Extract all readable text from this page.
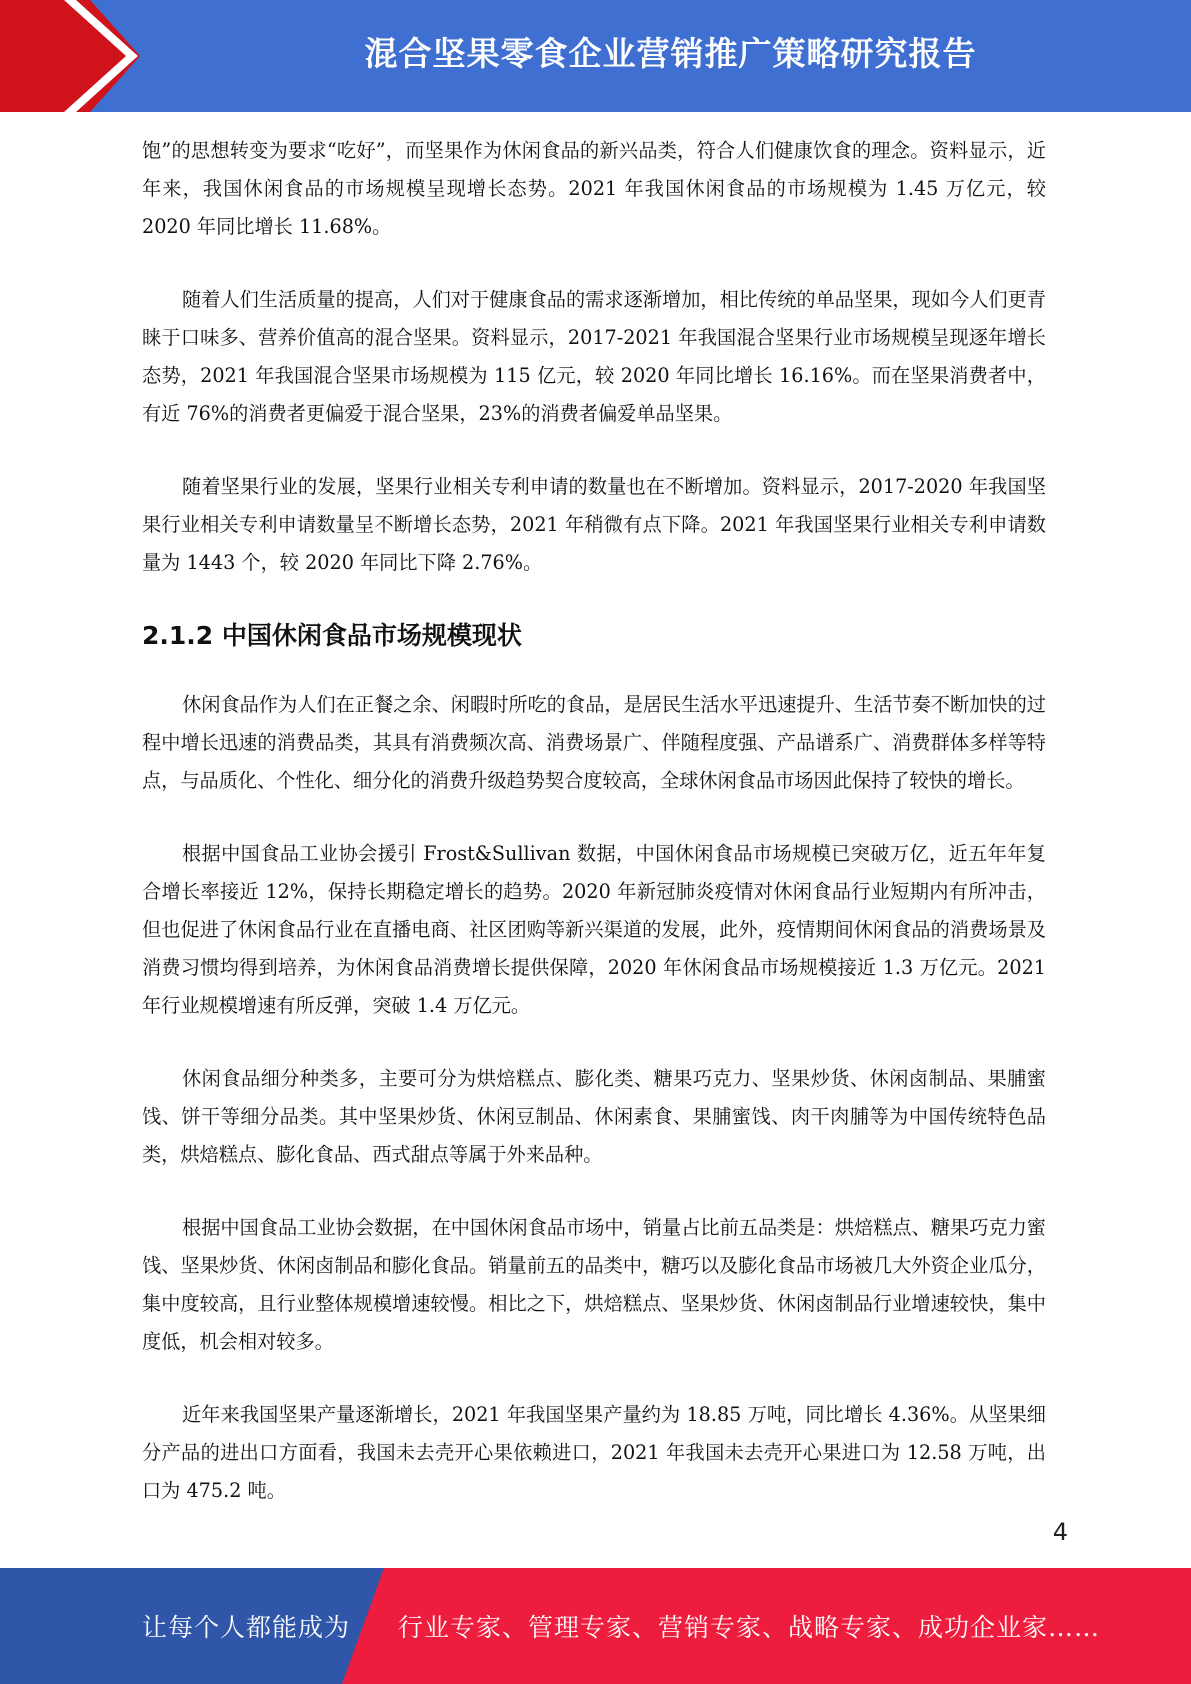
混合坚果零食企业营销推广策略研究报告

饱”的思想转变为要求“吃好”，而坚果作为休闲食品的新兴品类，符合人们健康饮食的理念。资料显示，近年来，我国休闲食品的市场规模呈现增长态势。2021 年我国休闲食品的市场规模为 1.45 万亿元，较 2020 年同比增长 11.68%。

随着人们生活质量的提高，人们对于健康食品的需求逐渐增加，相比传统的单品坚果，现如今人们更青睐于口味多、营养价值高的混合坚果。资料显示，2017-2021 年我国混合坚果行业市场规模呈现逐年增长态势，2021 年我国混合坚果市场规模为 115 亿元，较 2020 年同比增长 16.16%。而在坚果消费者中，有近 76%的消费者更偏爱于混合坚果，23%的消费者偏爱单品坚果。

随着坚果行业的发展，坚果行业相关专利申请的数量也在不断增加。资料显示，2017-2020 年我国坚果行业相关专利申请数量呈不断增长态势，2021 年稍微有点下降。2021 年我国坚果行业相关专利申请数量为 1443 个，较 2020 年同比下降 2.76%。

2.1.2 中国休闲食品市场规模现状

休闲食品作为人们在正餐之余、闲暇时所吃的食品，是居民生活水平迅速提升、生活节奏不断加快的过程中增长迅速的消费品类，其具有消费频次高、消费场景广、伴随程度强、产品谱系广、消费群体多样等特点，与品质化、个性化、细分化的消费升级趋势契合度较高，全球休闲食品市场因此保持了较快的增长。

根据中国食品工业协会援引 Frost&Sullivan 数据，中国休闲食品市场规模已突破万亿，近五年年复合增长率接近 12%，保持长期稳定增长的趋势。2020 年新冠肺炎疫情对休闲食品行业短期内有所冲击，但也促进了休闲食品行业在直播电商、社区团购等新兴渠道的发展，此外，疫情期间休闲食品的消费场景及消费习惯均得到培养，为休闲食品消费增长提供保障，2020 年休闲食品市场规模接近 1.3 万亿元。2021 年行业规模增速有所反弹，突破 1.4 万亿元。

休闲食品细分种类多，主要可分为烘焙糕点、膨化类、糖果巧克力、坚果炒货、休闲卤制品、果脯蜜饯、饼干等细分品类。其中坚果炒货、休闲豆制品、休闲素食、果脯蜜饯、肉干肉脯等为中国传统特色品类，烘焙糕点、膨化食品、西式甜点等属于外来品种。

根据中国食品工业协会数据，在中国休闲食品市场中，销量占比前五品类是：烘焙糕点、糖果巧克力蜜饯、坚果炒货、休闲卤制品和膨化食品。销量前五的品类中，糖巧以及膨化食品市场被几大外资企业瓜分，集中度较高，且行业整体规模增速较慢。相比之下，烘焙糕点、坚果炒货、休闲卤制品行业增速较快，集中度低，机会相对较多。

近年来我国坚果产量逐渐增长，2021 年我国坚果产量约为 18.85 万吨，同比增长 4.36%。从坚果细分产品的进出口方面看，我国未去壳开心果依赖进口，2021 年我国未去壳开心果进口为 12.58 万吨，出口为 475.2 吨。

4
让每个人都能成为 行业专家、管理专家、营销专家、战略专家、成功企业家……
